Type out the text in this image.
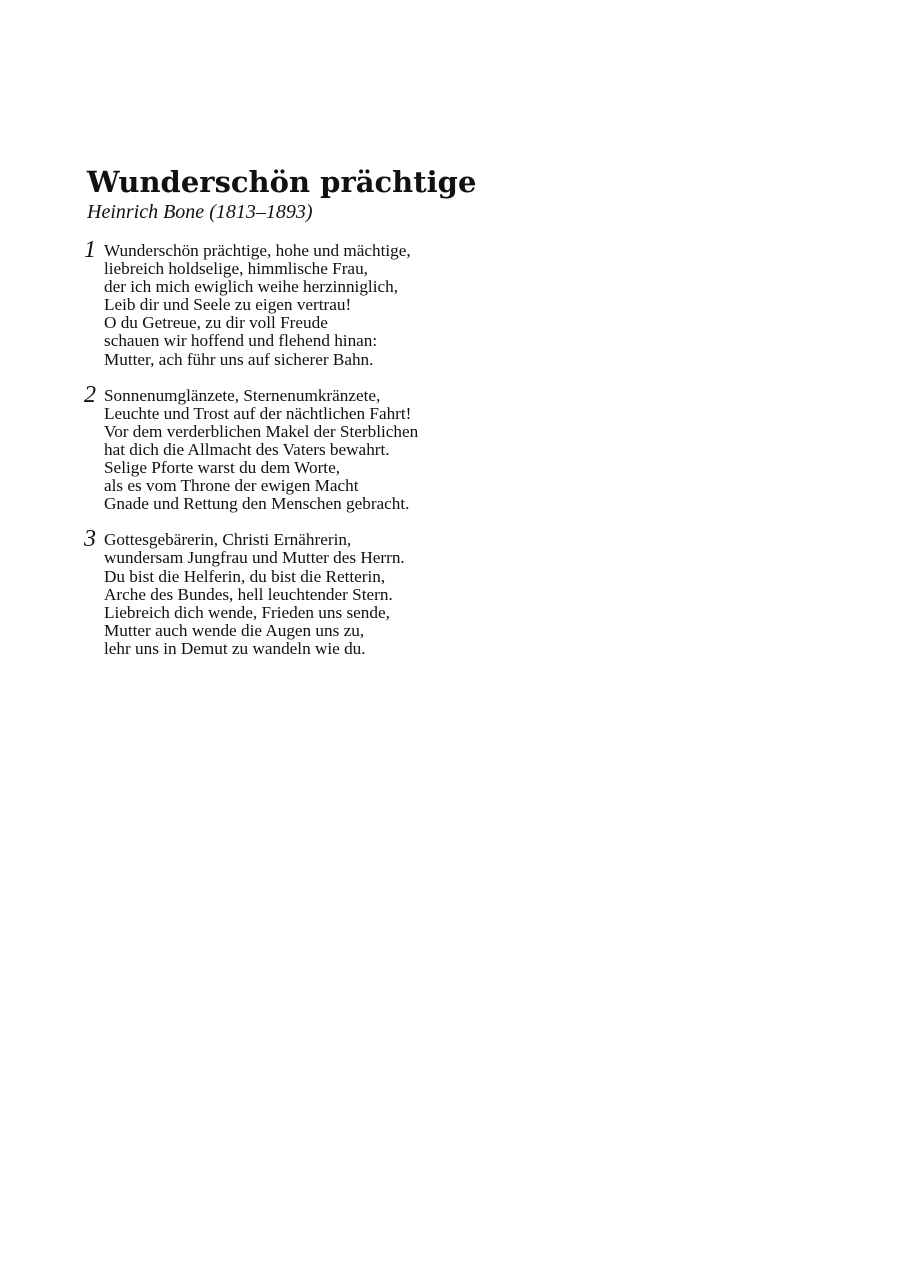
Wunderschön prächtige

Heinrich Bone (1813–1893)

1 Wunderschön prächtige, hohe und mächtige,
liebreich holdselige, himmlische Frau,
der ich mich ewiglich weihe herzinniglich,
Leib dir und Seele zu eigen vertrau!
O du Getreue, zu dir voll Freude
schauen wir hoffend und flehend hinan:
Mutter, ach führ uns auf sicherer Bahn.
2 Sonnenumglänzete, Sternenumkränzete,
Leuchte und Trost auf der nächtlichen Fahrt!
Vor dem verderblichen Makel der Sterblichen
hat dich die Allmacht des Vaters bewahrt.
Selige Pforte warst du dem Worte,
als es vom Throne der ewigen Macht
Gnade und Rettung den Menschen gebracht.
3 Gottesgebärerin, Christi Ernährerin,
wundersam Jungfrau und Mutter des Herrn.
Du bist die Helferin, du bist die Retterin,
Arche des Bundes, hell leuchtender Stern.
Liebreich dich wende, Frieden uns sende,
Mutter auch wende die Augen uns zu,
lehr uns in Demut zu wandeln wie du.
